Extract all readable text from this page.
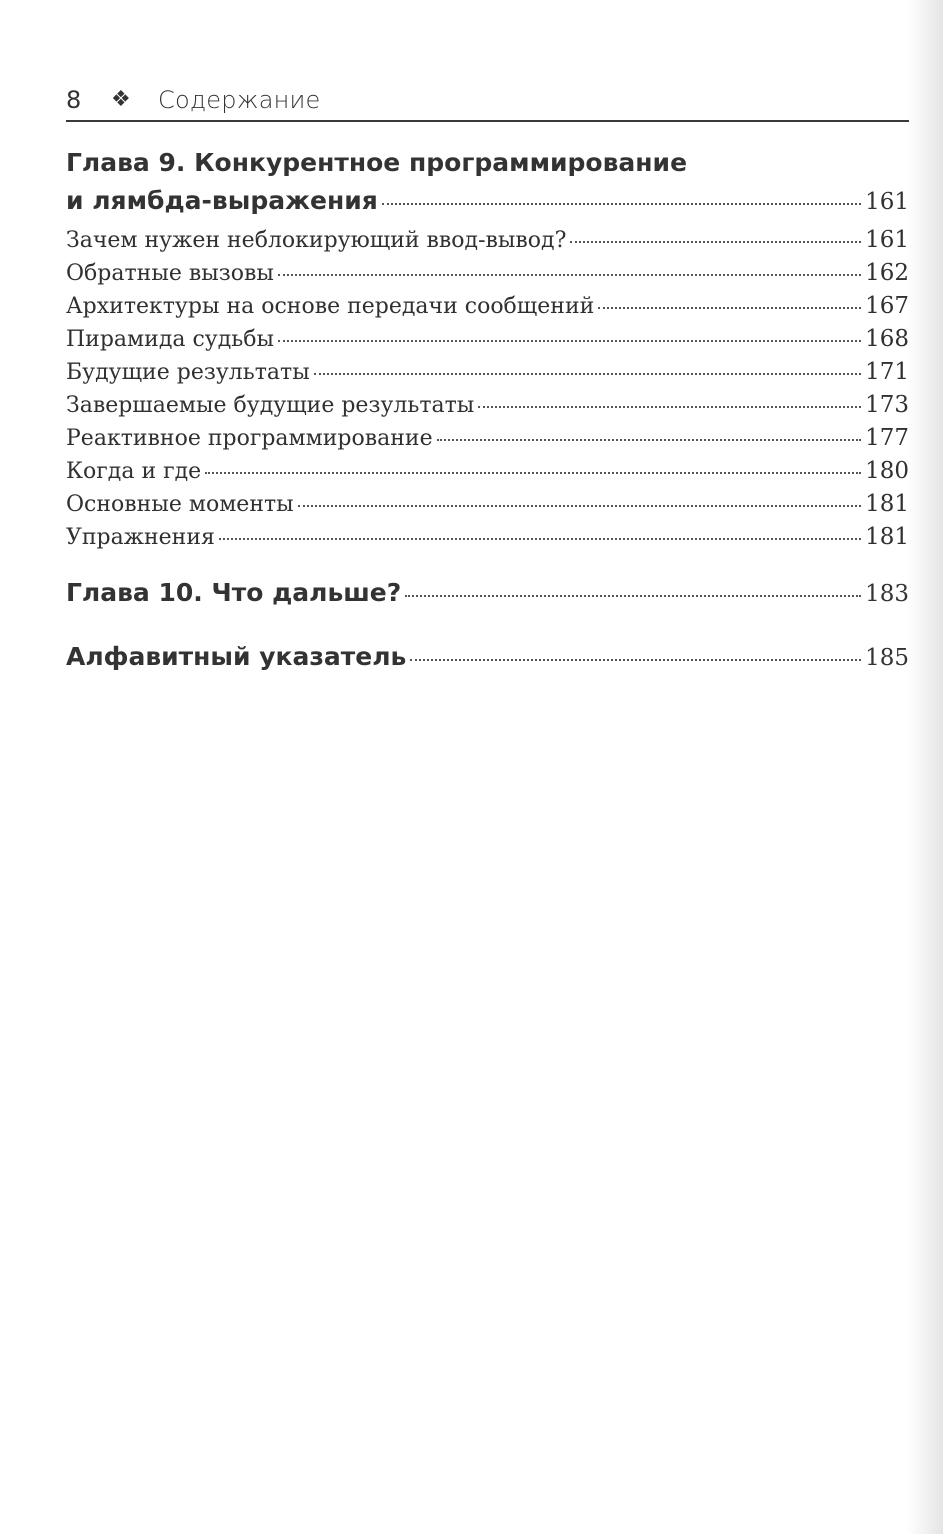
8 ❖ Содержание
Глава 9. Конкурентное программирование
и лямбда-выражения	161
Зачем нужен неблокирующий ввод-вывод?	161
Обратные вызовы	162
Архитектуры на основе передачи сообщений	167
Пирамида судьбы	168
Будущие результаты	171
Завершаемые будущие результаты	173
Реактивное программирование	177
Когда и где	180
Основные моменты	181
Упражнения	181
Глава 10. Что дальше?	183
Алфавитный указатель	185
